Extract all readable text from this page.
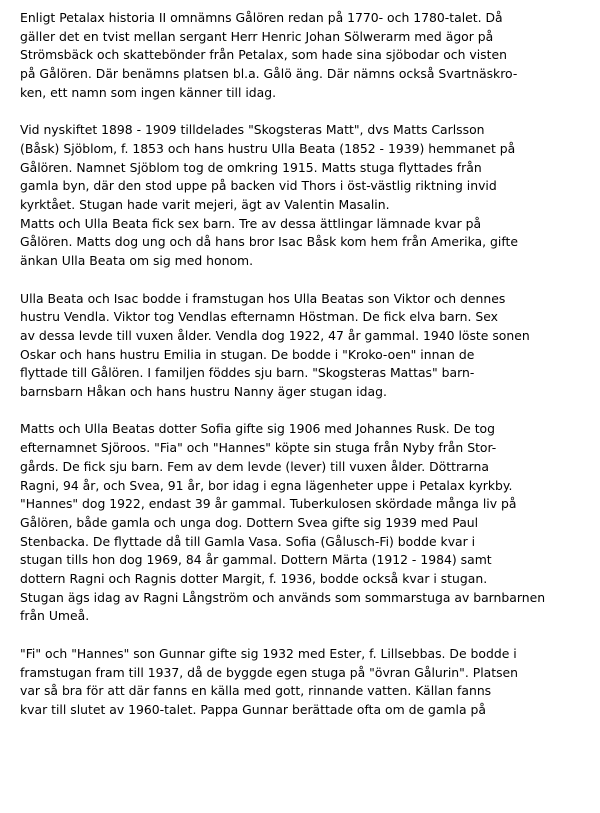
Enligt Petalax historia II omnämns Gålören redan på 1770- och 1780-talet. Då
gäller det en tvist mellan sergant Herr Henric Johan Sölwerarm med ägor på
Strömsbäck och skattebönder från Petalax, som hade sina sjöbodar och visten
på Gålören. Där benämns platsen bl.a. Gålö äng. Där nämns också Svartnäskro-
ken, ett namn som ingen känner till idag.

Vid nyskiftet 1898 - 1909 tilldelades "Skogsteras Matt", dvs Matts Carlsson
(Båsk) Sjöblom, f. 1853 och hans hustru Ulla Beata (1852 - 1939) hemmanet på
Gålören. Namnet Sjöblom tog de omkring 1915. Matts stuga flyttades från
gamla byn, där den stod uppe på backen vid Thors i öst-västlig riktning invid
kyrktået. Stugan hade varit mejeri, ägt av Valentin Masalin.
Matts och Ulla Beata fick sex barn. Tre av dessa ättlingar lämnade kvar på
Gålören. Matts dog ung och då hans bror Isac Båsk kom hem från Amerika, gifte
änkan Ulla Beata om sig med honom.

Ulla Beata och Isac bodde i framstugan hos Ulla Beatas son Viktor och dennes
hustru Vendla. Viktor tog Vendlas efternamn Höstman. De fick elva barn. Sex
av dessa levde till vuxen ålder. Vendla dog 1922, 47 år gammal. 1940 löste sonen
Oskar och hans hustru Emilia in stugan. De bodde i "Kroko-oen" innan de
flyttade till Gålören. I familjen föddes sju barn. "Skogsteras Mattas" barn-
barnsbarn Håkan och hans hustru Nanny äger stugan idag.

Matts och Ulla Beatas dotter Sofia gifte sig 1906 med Johannes Rusk. De tog
efternamnet Sjöroos. "Fia" och "Hannes" köpte sin stuga från Nyby från Stor-
gårds. De fick sju barn. Fem av dem levde (lever) till vuxen ålder. Döttrarna
Ragni, 94 år, och Svea, 91 år, bor idag i egna lägenheter uppe i Petalax kyrkby.
"Hannes" dog 1922, endast 39 år gammal. Tuberkulosen skördade många liv på
Gålören, både gamla och unga dog. Dottern Svea gifte sig 1939 med Paul
Stenbacka. De flyttade då till Gamla Vasa. Sofia (Gålusch-Fi) bodde kvar i
stugan tills hon dog 1969, 84 år gammal. Dottern Märta (1912 - 1984) samt
dottern Ragni och Ragnis dotter Margit, f. 1936, bodde också kvar i stugan.
Stugan ägs idag av Ragni Långström och används som sommarstuga av barnbarnen
från Umeå.

"Fi" och "Hannes" son Gunnar gifte sig 1932 med Ester, f. Lillsebbas. De bodde i
framstugan fram till 1937, då de byggde egen stuga på "övran Gålurin". Platsen
var så bra för att där fanns en källa med gott, rinnande vatten. Källan fanns
kvar till slutet av 1960-talet. Pappa Gunnar berättade ofta om de gamla på
